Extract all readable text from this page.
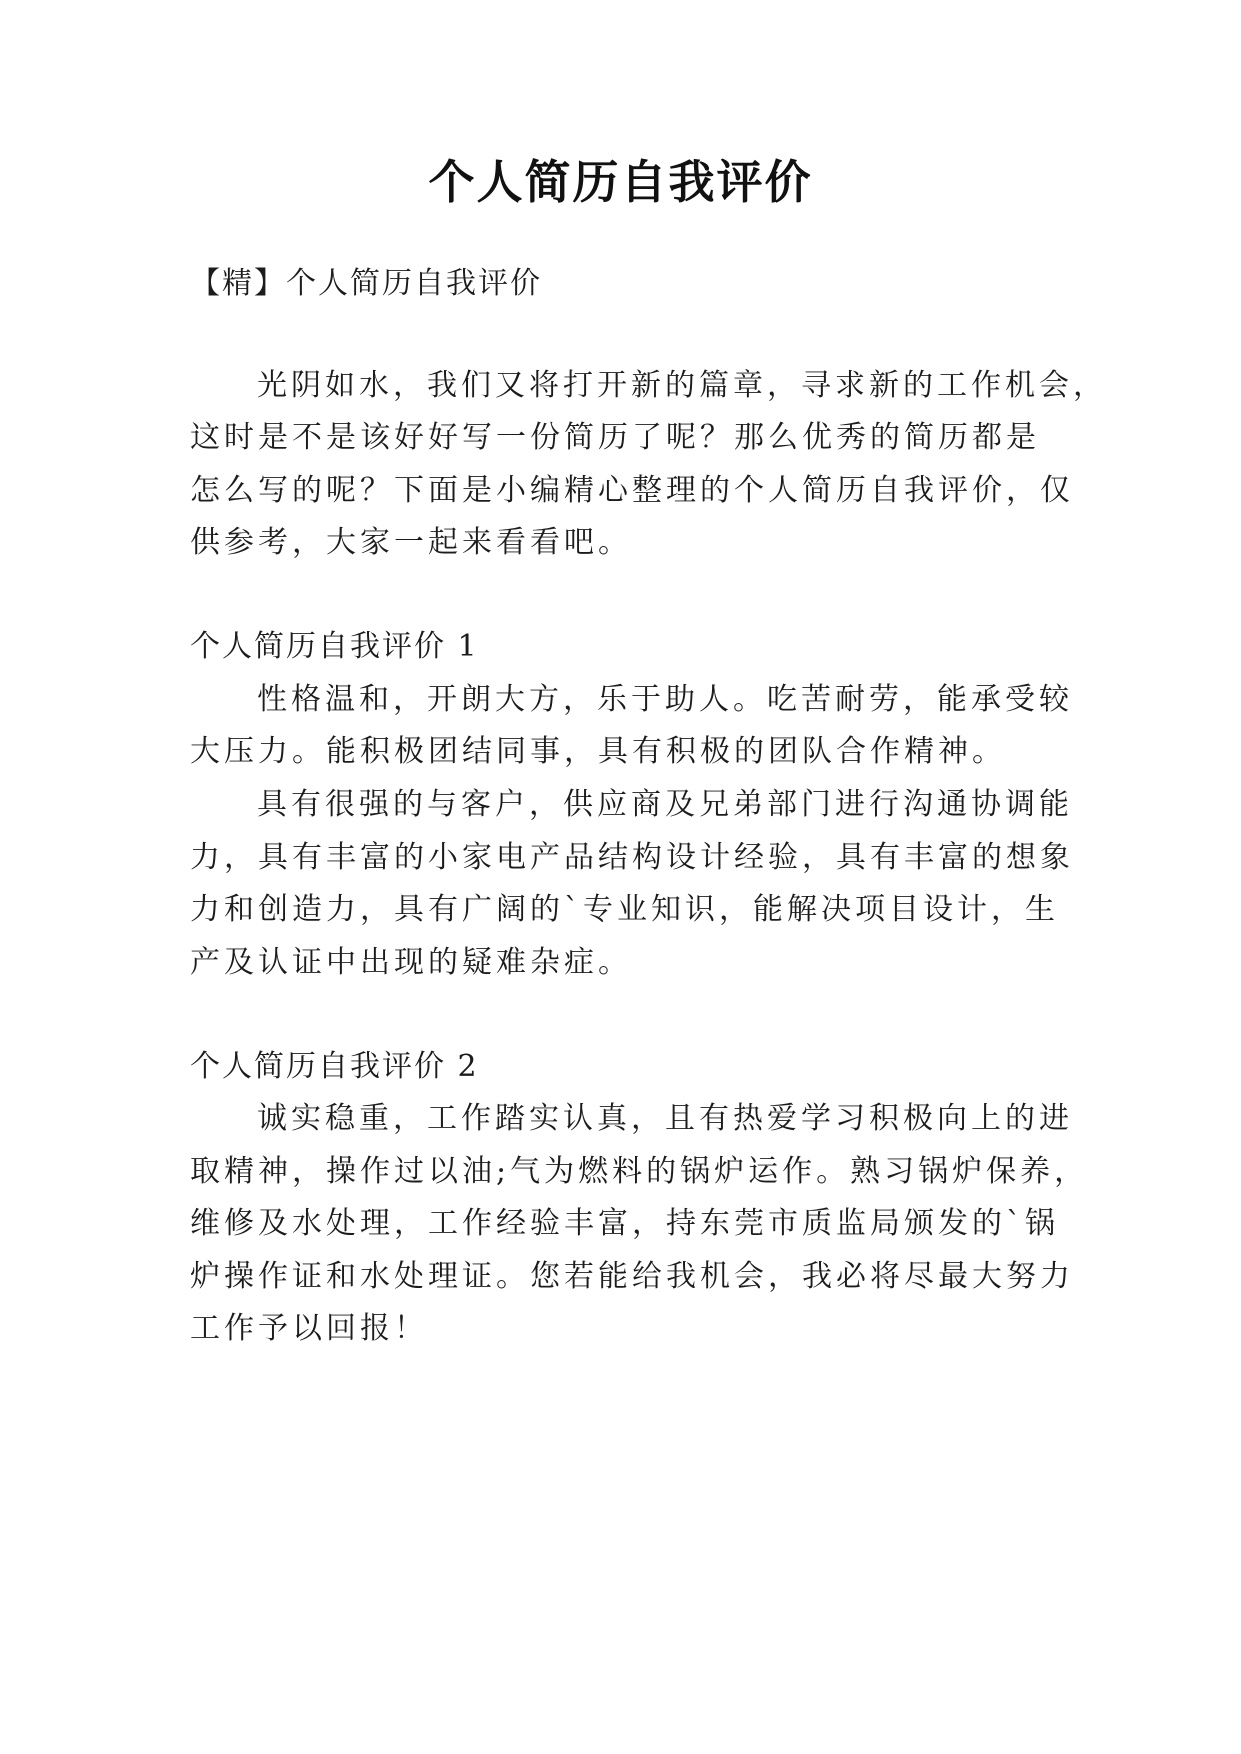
个人简历自我评价
【精】个人简历自我评价
光阴如水，我们又将打开新的篇章，寻求新的工作机会，
这时是不是该好好写一份简历了呢？那么优秀的简历都是
怎么写的呢？下面是小编精心整理的个人简历自我评价，仅
供参考，大家一起来看看吧。
个人简历自我评价 1
性格温和，开朗大方，乐于助人。吃苦耐劳，能承受较
大压力。能积极团结同事，具有积极的团队合作精神。
具有很强的与客户，供应商及兄弟部门进行沟通协调能
力，具有丰富的小家电产品结构设计经验，具有丰富的想象
力和创造力，具有广阔的`专业知识，能解决项目设计，生
产及认证中出现的疑难杂症。
个人简历自我评价 2
诚实稳重，工作踏实认真，且有热爱学习积极向上的进
取精神，操作过以油;气为燃料的锅炉运作。熟习锅炉保养，
维修及水处理，工作经验丰富，持东莞市质监局颁发的`锅
炉操作证和水处理证。您若能给我机会，我必将尽最大努力
工作予以回报！
